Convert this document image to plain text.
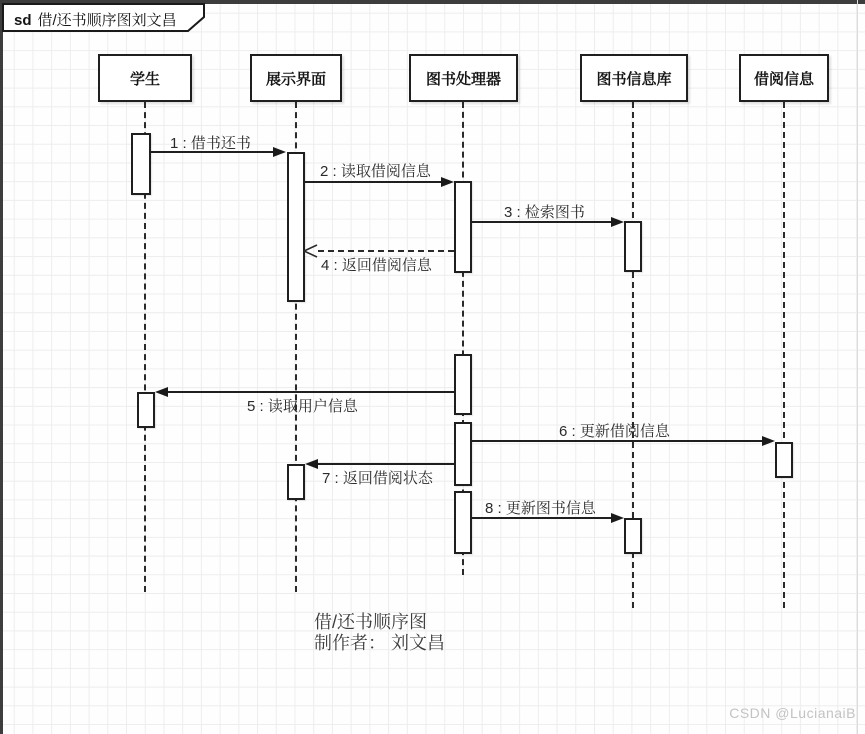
sd 借/还书顺序图刘文昌
学生	展示界面	图书处理器	图书信息库	借阅信息
1 : 借书还书
2 : 读取借阅信息
3 : 检索图书
4 : 返回借阅信息
5 : 读取用户信息
6 : 更新借阅信息
7 : 返回借阅状态
8 : 更新图书信息
借/还书顺序图
制作者： 刘文昌
CSDN @LucianaiB
